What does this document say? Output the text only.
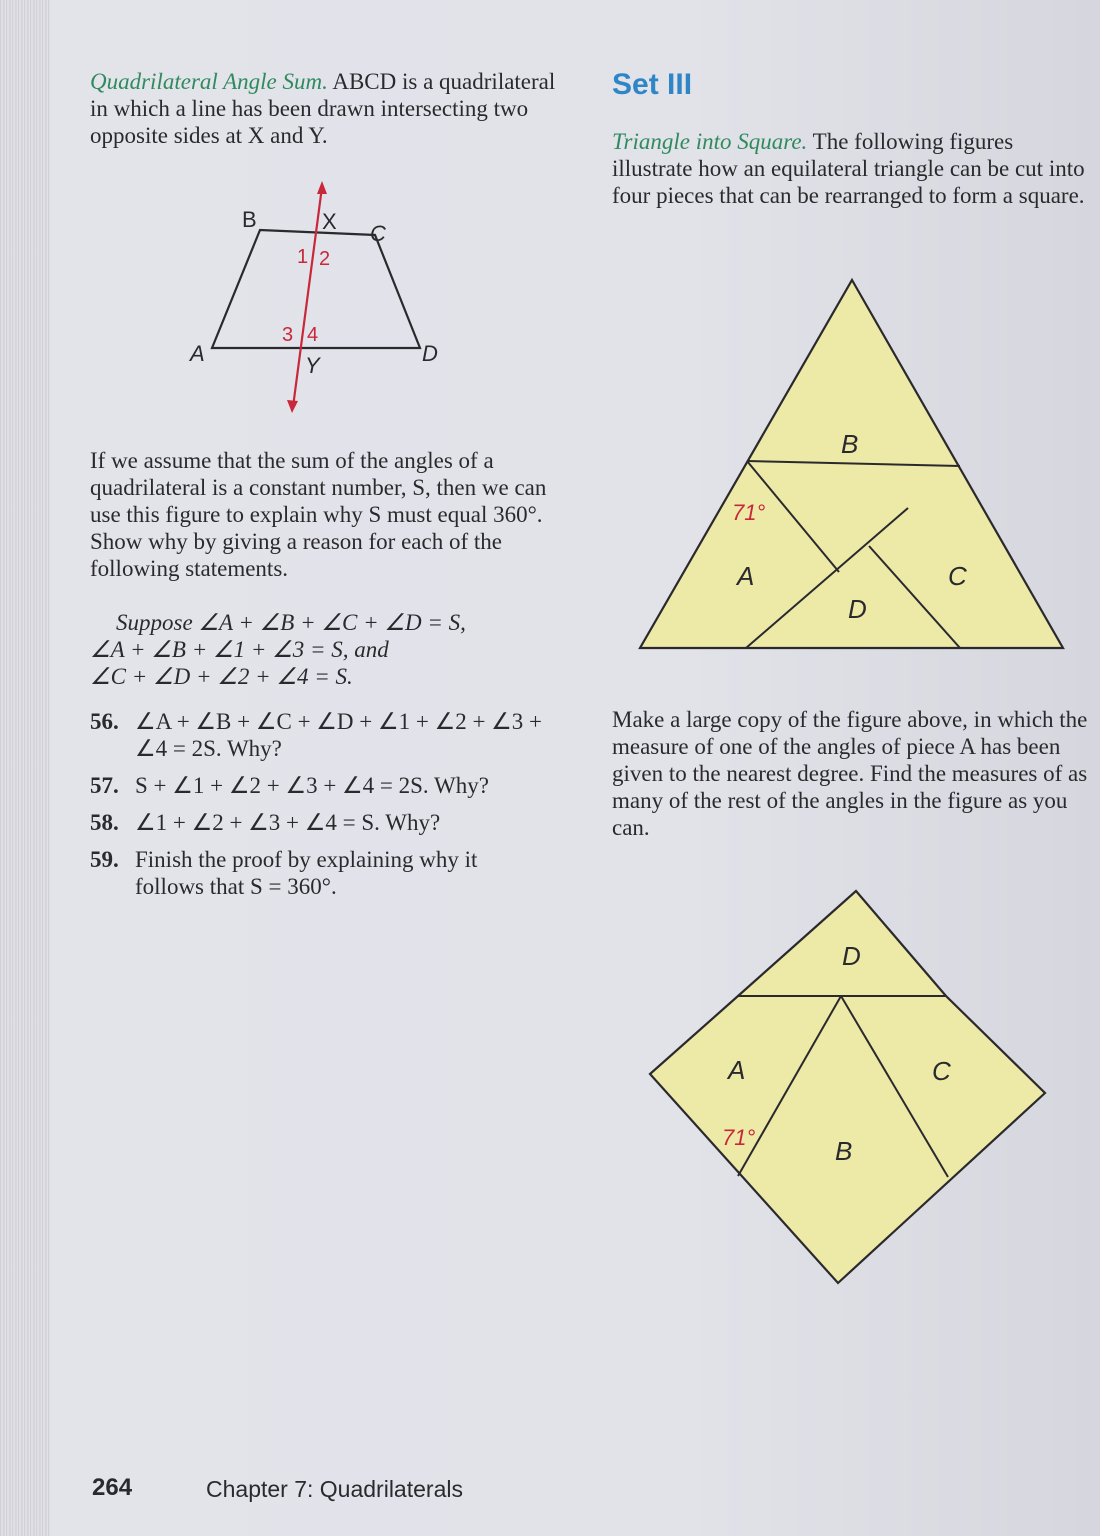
Quadrilateral Angle Sum. ABCD is a quadrilateral in which a line has been drawn intersecting two opposite sides at X and Y.

B	X C
A	Y	D
1 2
3 4

If we assume that the sum of the angles of a quadrilateral is a constant number, S, then we can use this figure to explain why S must equal 360°. Show why by giving a reason for each of the following statements.

Suppose ∠A + ∠B + ∠C + ∠D = S,

∠A + ∠B + ∠1 + ∠3 = S, and

∠C + ∠D + ∠2 + ∠4 = S.

56. ∠A + ∠B + ∠C + ∠D + ∠1 + ∠2 + ∠3 + ∠4 = 2S. Why?
57. S + ∠1 + ∠2 + ∠3 + ∠4 = 2S. Why?
58. ∠1 + ∠2 + ∠3 + ∠4 = S. Why?
59. Finish the proof by explaining why it follows that S = 360°.
Set III

Triangle into Square. The following figures illustrate how an equilateral triangle can be cut into four pieces that can be rearranged to form a square.

B
A	C
D
71°

Make a large copy of the figure above, in which the measure of one of the angles of piece A has been given to the nearest degree. Find the measures of as many of the rest of the angles in the figure as you can.

D
A	C
B
71°
264	Chapter 7: Quadrilaterals
